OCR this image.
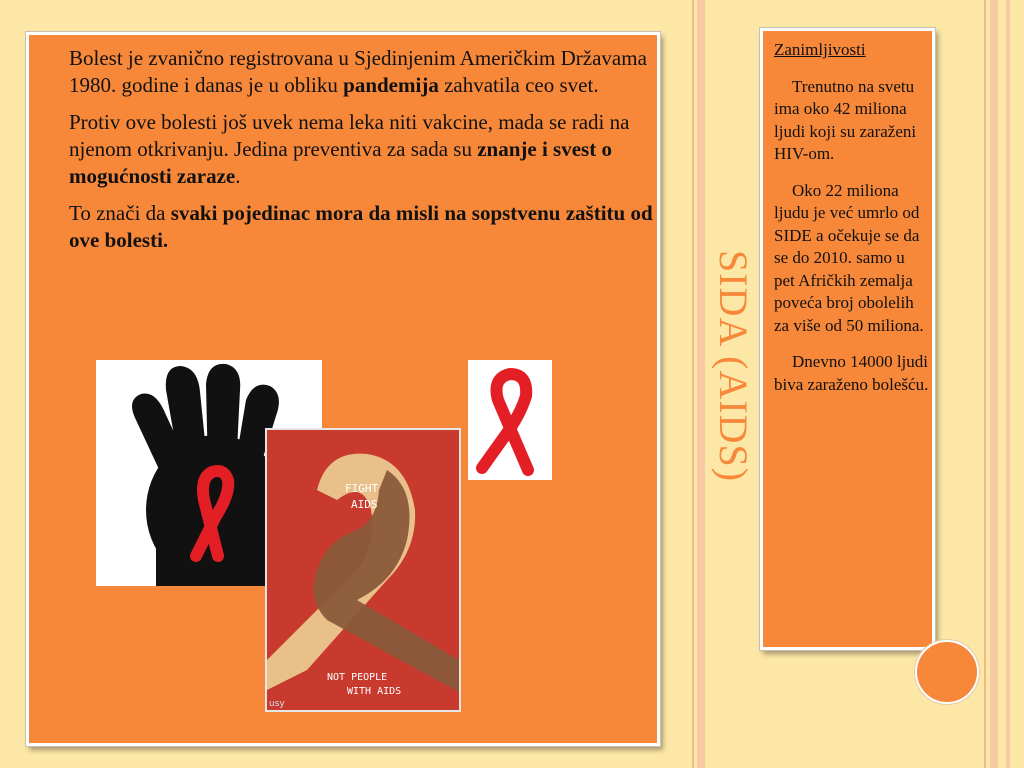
Bolest je zvanično registrovana u Sjedinjenim Američkim Državama 1980. godine i danas je u obliku pandemija zahvatila ceo svet.

Protiv ove bolesti još uvek nema leka niti vakcine, mada se radi na njenom otkrivanju. Jedina preventiva za sada su znanje i svest o mogućnosti zaraze.

To znači da svaki pojedinac mora da misli na sopstvenu zaštitu od ove bolesti.

FIGHT
AIDS
NOT PEOPLE
WITH AIDS
usy
SIDA (AIDS)

Zanimljivosti

Trenutno na svetu ima oko 42 miliona ljudi koji su zaraženi HIV-om.

Oko 22 miliona ljudu je već umrlo od SIDE a očekuje se da se do 2010. samo u pet Afričkih zemalja poveća broj obolelih za više od 50 miliona.

Dnevno 14000 ljudi biva zaraženo bolešću.
